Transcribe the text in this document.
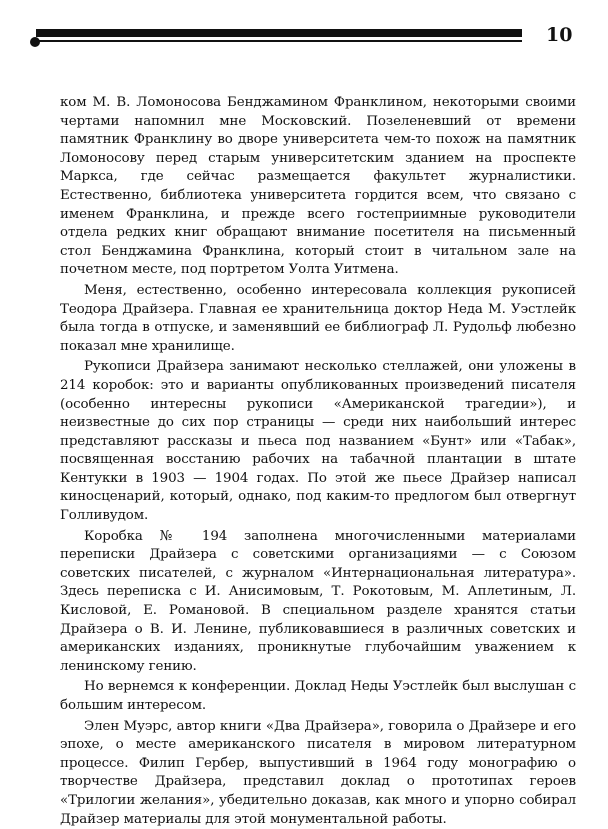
10

ком М. В. Ломоносова Бенджамином Франклином, некоторыми своими чертами напомнил мне Московский. Позеленевший от времени памятник Франклину во дворе университета чем-то похож на памятник Ломоносову перед старым университетским зданием на проспекте Маркса, где сейчас размещается факультет журналистики. Естественно, библиотека университета гордится всем, что связано с именем Франклина, и прежде всего гостеприимные руководители отдела редких книг обращают внимание посетителя на письменный стол Бенджамина Франклина, который стоит в читальном зале на почетном месте, под портретом Уолта Уитмена.

Меня, естественно, особенно интересовала коллекция рукописей Теодора Драйзера. Главная ее хранительница доктор Неда М. Уэстлейк была тогда в отпуске, и заменявший ее библиограф Л. Рудольф любезно показал мне хранилище.

Рукописи Драйзера занимают несколько стеллажей, они уложены в 214 коробок: это и варианты опубликованных произведений писателя (особенно интересны рукописи «Американской трагедии»), и неизвестные до сих пор страницы — среди них наибольший интерес представляют рассказы и пьеса под названием «Бунт» или «Табак», посвященная восстанию рабочих на табачной плантации в штате Кентукки в 1903 — 1904 годах. По этой же пьесе Драйзер написал киносценарий, который, однако, под каким-то предлогом был отвергнут Голливудом.

Коробка № 194 заполнена многочисленными материалами переписки Драйзера с советскими организациями — с Союзом советских писателей, с журналом «Интернациональная литература». Здесь переписка с И. Анисимовым, Т. Рокотовым, М. Аплетиным, Л. Кисловой, Е. Романовой. В специальном разделе хранятся статьи Драйзера о В. И. Ленине, публиковавшиеся в различных советских и американских изданиях, проникнутые глубочайшим уважением к ленинскому гению.

Но вернемся к конференции. Доклад Неды Уэстлейк был выслушан с большим интересом.

Элен Муэрс, автор книги «Два Драйзера», говорила о Драйзере и его эпохе, о месте американского писателя в мировом литературном процессе. Филип Гербер, выпустивший в 1964 году монографию о творчестве Драйзера, представил доклад о прототипах героев «Трилогии желания», убедительно доказав, как много и упорно собирал Драйзер материалы для этой монументальной работы.
